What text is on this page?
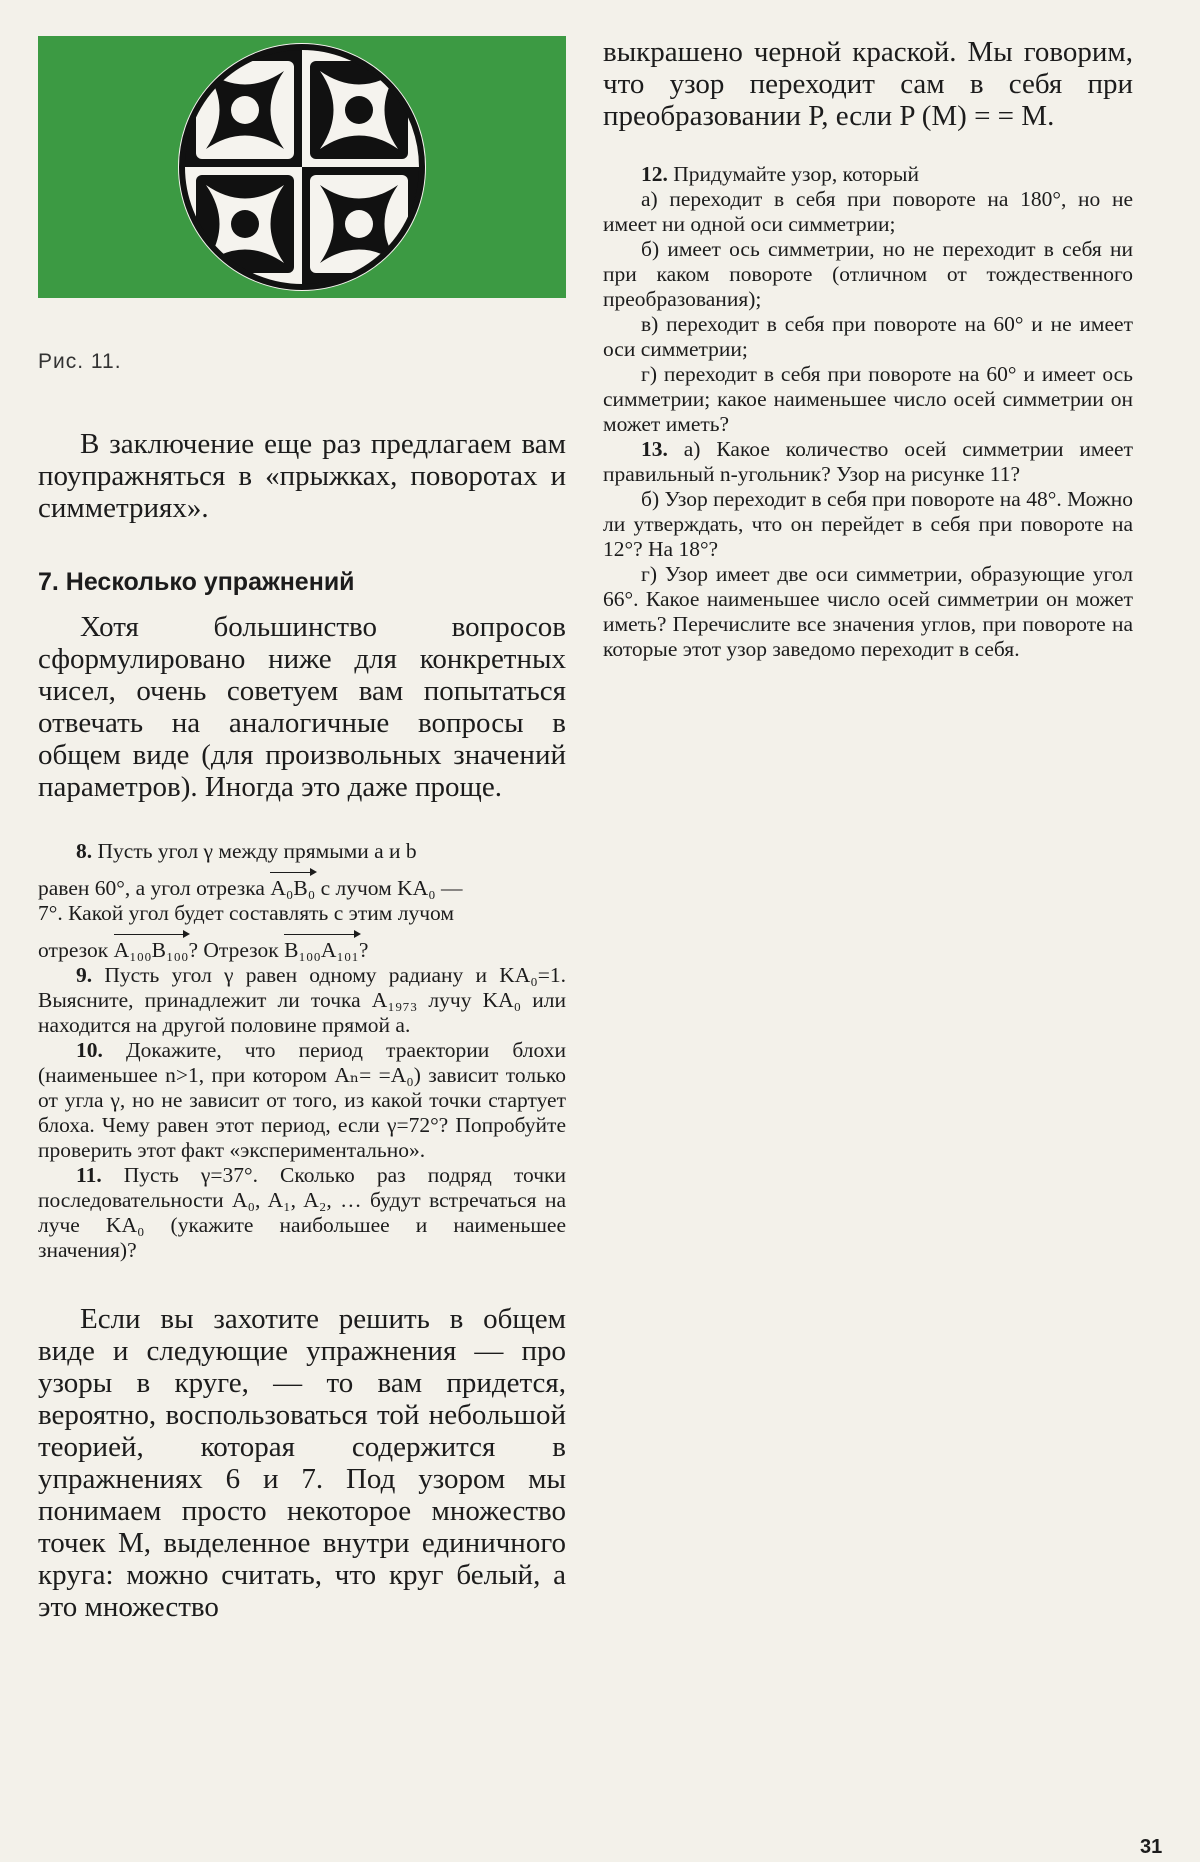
Рис. 11.

В заключение еще раз предлагаем вам поупражняться в «прыжках, поворотах и симметриях».

7. Несколько упражнений

Хотя большинство вопросов сформулировано ниже для конкретных чисел, очень советуем вам попытаться отвечать на аналогичные вопросы в общем виде (для произвольных значений параметров). Иногда это даже проще.

8. Пусть угол γ между прямыми a и b
равен 60°, а угол отрезка A₀B₀ с лучом KA₀ —
7°. Какой угол будет составлять с этим лучом
отрезок A₁₀₀B₁₀₀? Отрезок B₁₀₀A₁₀₁?

9. Пусть угол γ равен одному радиану и KA₀=1. Выясните, принадлежит ли точка A₁₉₇₃ лучу KA₀ или находится на другой половине прямой a.

10. Докажите, что период траектории блохи (наименьшее n>1, при котором Aₙ= =A₀) зависит только от угла γ, но не зависит от того, из какой точки стартует блоха. Чему равен этот период, если γ=72°? Попробуйте проверить этот факт «экспериментально».

11. Пусть γ=37°. Сколько раз подряд точки последовательности A₀, A₁, A₂, … будут встречаться на луче KA₀ (укажите наибольшее и наименьшее значения)?

Если вы захотите решить в общем виде и следующие упражнения — про узоры в круге, — то вам придется, вероятно, воспользоваться той небольшой теорией, которая содержится в упражнениях 6 и 7. Под узором мы понимаем просто некоторое множество точек M, выделенное внутри единичного круга: можно считать, что круг белый, а это множество

выкрашено черной краской. Мы говорим, что узор переходит сам в себя при преобразовании P, если P (M) = = M.

12. Придумайте узор, который

а) переходит в себя при повороте на 180°, но не имеет ни одной оси симметрии;

б) имеет ось симметрии, но не переходит в себя ни при каком повороте (отличном от тождественного преобразования);

в) переходит в себя при повороте на 60° и не имеет оси симметрии;

г) переходит в себя при повороте на 60° и имеет ось симметрии; какое наименьшее число осей симметрии он может иметь?

13. а) Какое количество осей симметрии имеет правильный n-угольник? Узор на рисунке 11?

б) Узор переходит в себя при повороте на 48°. Можно ли утверждать, что он перейдет в себя при повороте на 12°? На 18°?

г) Узор имеет две оси симметрии, образующие угол 66°. Какое наименьшее число осей симметрии он может иметь? Перечислите все значения углов, при повороте на которые этот узор заведомо переходит в себя.

31
